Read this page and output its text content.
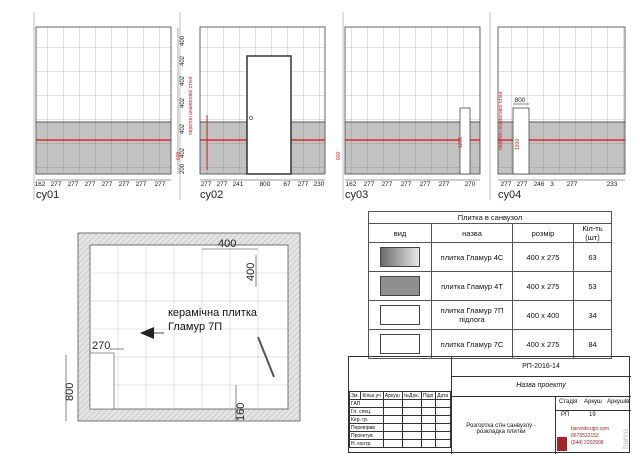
162 277 277 277 277 277 277 277	277 277 241 800 67 277 230	162 277 277 277 277 277 270	277 277 246 3 277	233
800
400
402
402
402
402
402
200
перетин аналогової стіни
600
1200
600
1200
перетин аналогової стіни
су01	су02	су03	су04
Плитка в санвузол			
вид	назва	розмір	Кіл-ть (шт)

	плитка Гламур 4С	400 х 275	63

	плитка Гламур 4Т	400 х 275	53

	плитка Гламур 7П підлога	400 х 400	34

	плитка Гламур 7С	400 х 275	84
400
400
270
800
160
керамічна плитка Гламур 7П
РП-2016-14
Назва проекту
Розгортка стін санвузлу - розкладка плитки
Стадія Аркуш Аркушів
РП	19
barvodesign.com
0675532152
(044) 2202908 barvo
Зм.	Кільк.уч	Аркуш	№Док.	Підп	Дата
ГАП					
Гл. спец.					
Кер. гр.					
Перевірив					
Проектув.					
Н. контр.					
